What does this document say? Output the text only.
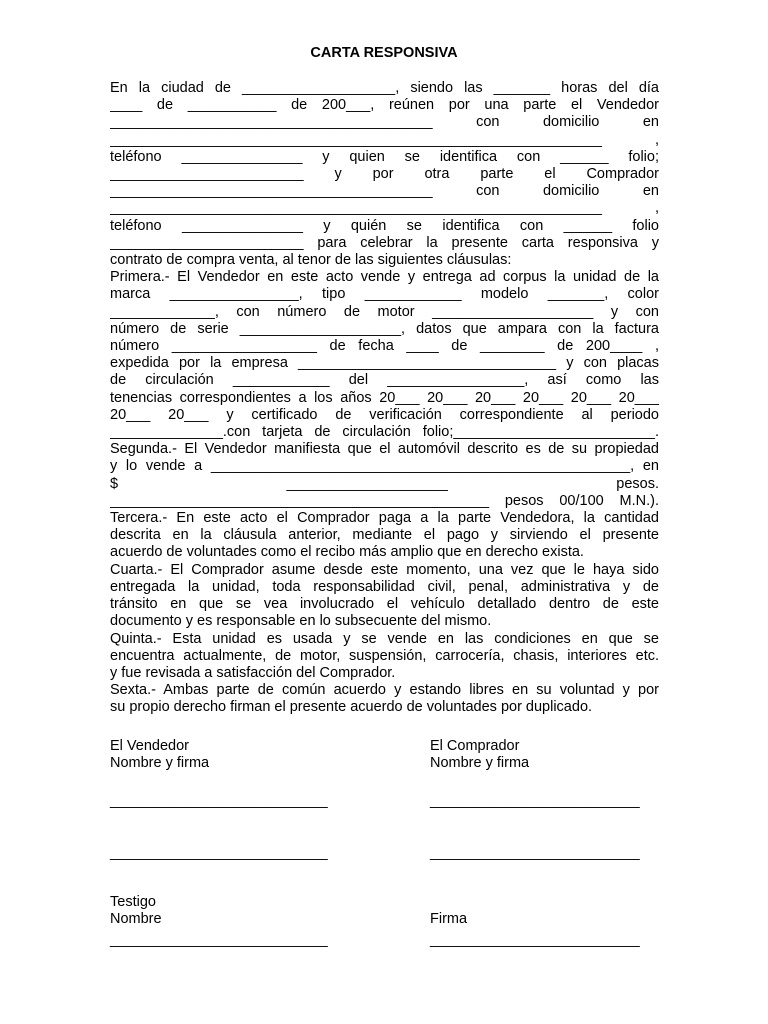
CARTA RESPONSIVA
En la ciudad de ___________________, siendo las _______ horas del día
____ de ___________ de 200___, reúnen por una parte el Vendedor
________________________________________ con domicilio en
_____________________________________________________________ ,
teléfono _______________ y quien se identifica con ______ folio;
________________________ y por otra parte el Comprador
________________________________________ con domicilio en
_____________________________________________________________ ,
teléfono _______________ y quién se identifica con ______ folio
________________________ para celebrar la presente carta responsiva y
contrato de compra venta, al tenor de las siguientes cláusulas:
Primera.- El Vendedor en este acto vende y entrega ad corpus la unidad de la
marca ________________, tipo ____________ modelo _______, color
_____________, con número de motor ____________________ y con
número de serie ____________________, datos que ampara con la factura
número __________________ de fecha ____ de ________ de 200____ ,
expedida por la empresa ________________________________ y con placas
de circulación ____________ del _________________, así como las
tenencias correspondientes a los años 20___ 20___ 20___ 20___ 20___ 20___
20___ 20___ y certificado de verificación correspondiente al periodo
______________.con tarjeta de circulación folio;_________________________.
Segunda.- El Vendedor manifiesta que el automóvil descrito es de su propiedad
y lo vende a ____________________________________________________, en
$ ____________________ pesos.
_______________________________________________ pesos 00/100 M.N.).
Tercera.- En este acto el Comprador paga a la parte Vendedora, la cantidad
descrita en la cláusula anterior, mediante el pago y sirviendo el presente
acuerdo de voluntades como el recibo más amplio que en derecho exista.
Cuarta.- El Comprador asume desde este momento, una vez que le haya sido
entregada la unidad, toda responsabilidad civil, penal, administrativa y de
tránsito en que se vea involucrado el vehículo detallado dentro de este
documento y es responsable en lo subsecuente del mismo.
Quinta.- Esta unidad es usada y se vende en las condiciones en que se
encuentra actualmente, de motor, suspensión, carrocería, chasis, interiores etc.
y fue revisada a satisfacción del Comprador.
Sexta.- Ambas parte de común acuerdo y estando libres en su voluntad y por
su propio derecho firman el presente acuerdo de voluntades por duplicado.

El Vendedor

Nombre y firma

El Comprador

Nombre y firma

___________________________	__________________________

___________________________	__________________________

Testigo

Nombre	Firma

___________________________	__________________________
